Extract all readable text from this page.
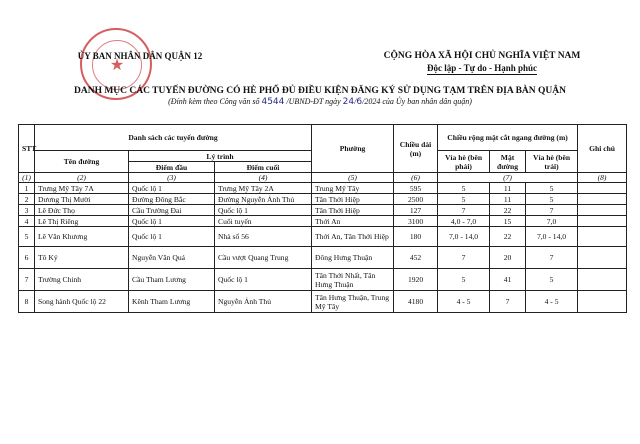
★
ỦY BAN NHÂN DÂN QUẬN 12	CỘNG HÒA XÃ HỘI CHỦ NGHĨA VIỆT NAM
Độc lập - Tự do - Hạnh phúc
DANH MỤC CÁC TUYẾN ĐƯỜNG CÓ HÈ PHỐ ĐỦ ĐIỀU KIỆN ĐĂNG KÝ SỬ DỤNG TẠM TRÊN ĐỊA BÀN QUẬN
(Đính kèm theo Công văn số 4544 /UBND-ĐT ngày 24/6/2024 của Ủy ban nhân dân quận)
STT	Danh sách các tuyến đường			Phường	Chiều dài (m)	Chiều rộng mặt cắt ngang đường (m)			Ghi chú
	Tên đường	Lý trình				Vỉa hè (bên phải)	Mặt đường	Vỉa hè (bên trái)	
		Điểm đầu	Điểm cuối						
(1)	(2)	(3)	(4)	(5)	(6)	(7)			(8)
1	Trưng Mỹ Tây 7A	Quốc lộ 1	Trưng Mỹ Tây 2A	Trung Mỹ Tây	595	5	11	5	
2	Dương Thị Mười	Đường Đông Bắc	Đường Nguyễn Ảnh Thủ	Tân Thới Hiệp	2500	5	11	5	
3	Lê Đức Thọ	Cầu Trường Đai	Quốc lộ 1	Tân Thới Hiệp	127	7	22	7	
4	Lê Thị Riêng	Quốc lộ 1	Cuối tuyến	Thới An	3100	4,0 - 7,0	15	7,0	
5	Lê Văn Khương	Quốc lộ 1	Nhà số 56	Thới An, Tân Thới Hiệp	180	7,0 - 14,0	22	7,0 - 14,0	
6	Tô Ký	Nguyễn Văn Quá	Cầu vượt Quang Trung	Đông Hưng Thuận	452	7	20	7	
7	Trường Chinh	Cầu Tham Lương	Quốc lộ 1	Tân Thới Nhất, Tân Hưng Thuận	1920	5	41	5	
8	Song hành Quốc lộ 22	Kênh Tham Lương	Nguyễn Ảnh Thủ	Tân Hưng Thuận, Trung Mỹ Tây	4180	4 - 5	7	4 - 5	
